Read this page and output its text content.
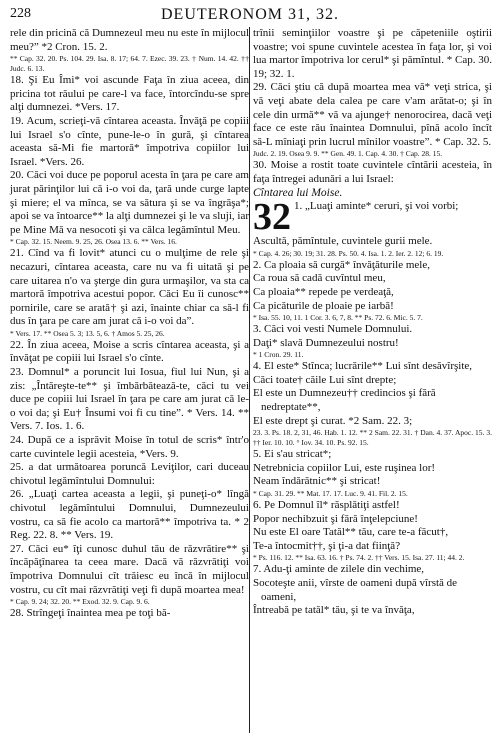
228	DEUTERONOM 31, 32.

rele din pricină că Dumnezeul meu nu este în mijlocul meu?” *2 Cron. 15. 2.

** Cap. 32. 20. Ps. 104. 29. Isa. 8. 17; 64. 7. Ezec. 39. 23. † Num. 14. 42. †† Judc. 6. 13.

18. Şi Eu Îmi* voi ascunde Faţa în ziua aceea, din pricina tot răului pe care-l va face, întorcîndu-se spre alţi dumnezei. *Vers. 17.

19. Acum, scrieţi-vă cîntarea aceasta. Învăţă pe copiii lui Israel s'o cînte, pune-le-o în gură, şi cîntarea aceasta să-Mi fie martoră* împotriva copiilor lui Israel. *Vers. 26.

20. Căci voi duce pe poporul acesta în ţara pe care am jurat părinţilor lui că i-o voi da, ţară unde curge lapte şi miere; el va mînca, se va sătura şi se va îngrăşa*; apoi se va întoarce** la alţi dumnezei şi le va sluji, iar pe Mine Mă va nesocoti şi va călca legămîntul Meu.

* Cap. 32. 15. Neem. 9. 25, 26. Osea 13. 6. ** Vers. 16.

21. Cînd va fi lovit* atunci cu o mulţime de rele şi necazuri, cîntarea aceasta, care nu va fi uitată şi pe care uitarea n'o va şterge din gura urmaşilor, va sta ca martoră împotriva acestui popor. Căci Eu îi cunosc** pornirile, care se arată† şi azi, înainte chiar ca să-l fi dus în ţara pe care am jurat că i-o voi da”.

* Vers. 17. ** Osea 5. 3; 13. 5, 6. † Amos 5. 25, 26.

22. În ziua aceea, Moise a scris cîntarea aceasta, şi a învăţat pe copiii lui Israel s'o cînte.

23. Domnul* a poruncit lui Iosua, fiul lui Nun, şi a zis: „Întăreşte-te** şi îmbărbătează-te, căci tu vei duce pe copiii lui Israel în ţara pe care am jurat că le-o voi da; şi Eu† Însumi voi fi cu tine”. * Vers. 14. ** Vers. 7. Ios. 1. 6.

24. După ce a isprăvit Moise în totul de scris* într'o carte cuvintele legii acesteia, *Vers. 9.

25. a dat următoarea poruncă Leviţilor, cari duceau chivotul legămîntului Domnului:

26. „Luaţi cartea aceasta a legii, şi puneţi-o* lîngă chivotul legămîntului Domnului, Dumnezeului vostru, ca să fie acolo ca martoră** împotriva ta. * 2 Reg. 22. 8. ** Vers. 19.

27. Căci eu* îţi cunosc duhul tău de răzvrătire** şi încăpăţînarea ta ceea mare. Dacă vă răzvrătiţi voi împotriva Domnului cît trăiesc eu încă în mijlocul vostru, cu cît mai răzvrătiţi veţi fi după moartea mea!

* Cap. 9. 24; 32. 20. ** Exod. 32. 9. Cap. 9. 6.

28. Strîngeţi înaintea mea pe toţi bă-

trînii seminţiilor voastre şi pe căpeteniile oştirii voastre; voi spune cuvintele acestea în faţa lor, şi voi lua martor împotriva lor cerul* şi pămîntul. * Cap. 30. 19; 32. 1.

29. Căci ştiu că după moartea mea vă* veţi strica, şi vă veţi abate dela calea pe care v'am arătat-o; şi în cele din urmă** vă va ajunge† nenorocirea, dacă veţi face ce este rău înaintea Domnului, pînă acolo încît să-L mîniaţi prin lucrul mînilor voastre”. * Cap. 32. 5.

Judc. 2. 19. Osea 9. 9. ** Gen. 49. 1. Cap. 4. 30. † Cap. 28. 15.

30. Moise a rostit toate cuvintele cîntării acesteia, în faţa întregei adunări a lui Israel:

Cîntarea lui Moise.

32 1. „Luaţi aminte* ceruri, şi voi vorbi;

Ascultă, pămîntule, cuvintele gurii mele.

* Cap. 4. 26; 30. 19; 31. 28. Ps. 50. 4. Isa. 1. 2. Ier. 2. 12; 6. 19.

2. Ca ploaia să curgă* învăţăturile mele,

Ca roua să cadă cuvîntul meu,

Ca ploaia** repede pe verdeaţă,

Ca picăturile de ploaie pe iarbă!

* Isa. 55. 10, 11. 1 Cor. 3. 6, 7, 8. ** Ps. 72. 6. Mic. 5. 7.

3. Căci voi vesti Numele Domnului.

Daţi* slavă Dumnezeului nostru!

* 1 Cron. 29. 11.

4. El este* Stînca; lucrările** Lui sînt desăvîrşite,

Căci toate† căile Lui sînt drepte;

El este un Dumnezeu†† credincios şi fără nedreptate**,

El este drept şi curat. *2 Sam. 22. 3;

23. 3. Ps. 18. 2, 31, 46. Hab. 1. 12. ** 2 Sam. 22. 31. † Dan. 4. 37. Apoc. 15. 3. †† Ier. 10. 10. ° Iov. 34. 10. Ps. 92. 15.

5. Ei s'au stricat*;

Netrebnicia copiilor Lui, este ruşinea lor!

Neam îndărătnic** şi stricat!

* Cap. 31. 29. ** Mat. 17. 17. Luc. 9. 41. Fil. 2. 15.

6. Pe Domnul îl* răsplătiţi astfel!

Popor nechibzuit şi fără înţelepciune!

Nu este El oare Tatăl** tău, care te-a făcut†,

Te-a întocmit††, şi ţi-a dat fiinţă?

* Ps. 116. 12. ** Isa. 63. 16. † Ps. 74. 2. †† Vers. 15. Isa. 27. 11; 44. 2.

7. Adu-ţi aminte de zilele din vechime,

Socoteşte anii, vîrste de oameni după vîrstă de oameni,

Întreabă pe tatăl* tău, şi te va învăţa,
